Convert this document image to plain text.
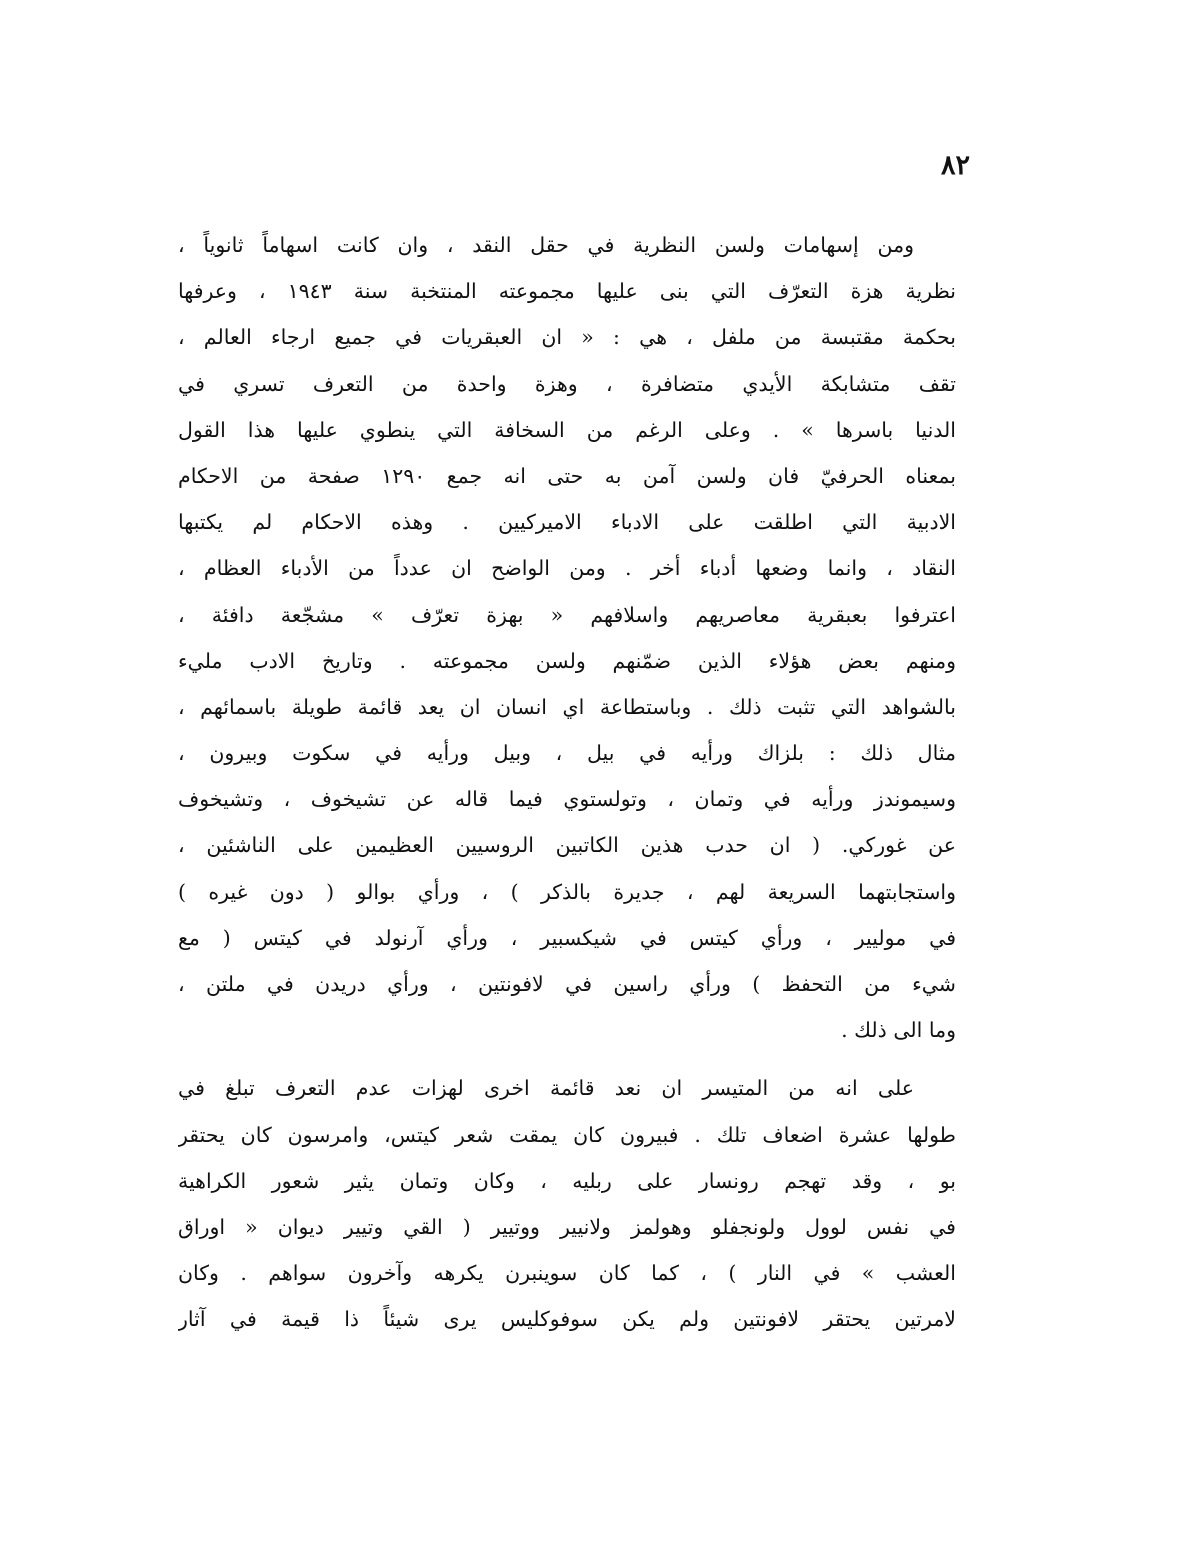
٨٢
ومن إسهامات ولسن النظرية في حقل النقد ، وان كانت اسهاماً ثانوياً ،
نظرية هزة التعرّف التي بنى عليها مجموعته المنتخبة سنة ١٩٤٣ ، وعرفها
بحكمة مقتبسة من ملفل ، هي : « ان العبقريات في جميع ارجاء العالم ،
تقف متشابكة الأيدي متضافرة ، وهزة واحدة من التعرف تسري في
الدنيا باسرها » . وعلى الرغم من السخافة التي ينطوي عليها هذا القول
بمعناه الحرفيّ فان ولسن آمن به حتى انه جمع ١٢٩٠ صفحة من الاحكام
الادبية التي اطلقت على الادباء الاميركيين . وهذه الاحكام لم يكتبها
النقاد ، وانما وضعها أدباء أخر . ومن الواضح ان عدداً من الأدباء العظام ،
اعترفوا بعبقرية معاصريهم واسلافهم « بهزة تعرّف » مشجّعة دافئة ،
ومنهم بعض هؤلاء الذين ضمّنهم ولسن مجموعته . وتاريخ الادب مليء
بالشواهد التي تثبت ذلك . وباستطاعة اي انسان ان يعد قائمة طويلة باسمائهم ،
مثال ذلك : بلزاك ورأيه في بيل ، وبيل ورأيه في سكوت وبيرون ،
وسيموندز ورأيه في وتمان ، وتولستوي فيما قاله عن تشيخوف ، وتشيخوف
عن غوركي. ( ان حدب هذين الكاتبين الروسيين العظيمين على الناشئين ،
واستجابتهما السريعة لهم ، جديرة بالذكر ) ، ورأي بوالو ( دون غيره )
في موليير ، ورأي كيتس في شيكسبير ، ورأي آرنولد في كيتس ( مع
شيء من التحفظ ) ورأي راسين في لافونتين ، ورأي دريدن في ملتن ،
وما الى ذلك .
على انه من المتيسر ان نعد قائمة اخرى لهزات عدم التعرف تبلغ في
طولها عشرة اضعاف تلك . فبيرون كان يمقت شعر كيتس، وامرسون كان يحتقر
بو ، وقد تهجم رونسار على ربليه ، وكان وتمان يثير شعور الكراهية
في نفس لوول ولونجفلو وهولمز ولانيير ووتيير ( القي وتيير ديوان « اوراق
العشب » في النار ) ، كما كان سوينبرن يكرهه وآخرون سواهم . وكان
لامرتين يحتقر لافونتين ولم يكن سوفوكليس يرى شيئاً ذا قيمة في آثار
